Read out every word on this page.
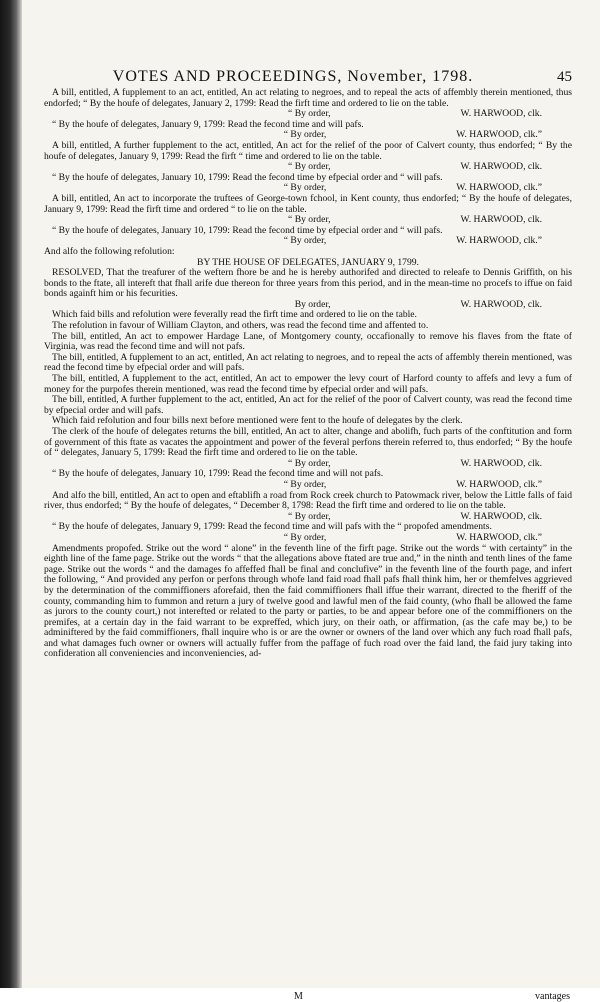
VOTES AND PROCEEDINGS, November, 1798.	45

A bill, entitled, A fupplement to an act, entitled, An act relating to negroes, and to repeal the acts of affembly therein mentioned, thus endorfed; “ By the houfe of delegates, January 2, 1799: Read the firft time and ordered to lie on the table.

“ By order,	W. HARWOOD, clk.

“ By the houfe of delegates, January 9, 1799: Read the fecond time and will pafs.

“ By order,	W. HARWOOD, clk.”

A bill, entitled, A further fupplement to the act, entitled, An act for the relief of the poor of Calvert county, thus endorfed; “ By the houfe of delegates, January 9, 1799: Read the firft “ time and ordered to lie on the table.

“ By order,	W. HARWOOD, clk.

“ By the houfe of delegates, January 10, 1799: Read the fecond time by efpecial order and “ will pafs.

“ By order,	W. HARWOOD, clk.”

A bill, entitled, An act to incorporate the truftees of George-town fchool, in Kent county, thus endorfed; “ By the houfe of delegates, January 9, 1799: Read the firft time and ordered “ to lie on the table.

“ By order,	W. HARWOOD, clk.

“ By the houfe of delegates, January 10, 1799: Read the fecond time by efpecial order and “ will pafs.

“ By order,	W. HARWOOD, clk.”

And alfo the following refolution:

BY THE HOUSE OF DELEGATES, JANUARY 9, 1799.

RESOLVED, That the treafurer of the weftern fhore be and he is hereby authorifed and directed to releafe to Dennis Griffith, on his bonds to the ftate, all intereft that fhall arife due thereon for three years from this period, and in the mean-time no procefs to iffue on faid bonds againft him or his fecurities.

By order,	W. HARWOOD, clk.

Which faid bills and refolution were feverally read the firft time and ordered to lie on the table.

The refolution in favour of William Clayton, and others, was read the fecond time and affented to.

The bill, entitled, An act to empower Hardage Lane, of Montgomery county, occafionally to remove his flaves from the ftate of Virginia, was read the fecond time and will not pafs.

The bill, entitled, A fupplement to an act, entitled, An act relating to negroes, and to repeal the acts of affembly therein mentioned, was read the fecond time by efpecial order and will pafs.

The bill, entitled, A fupplement to the act, entitled, An act to empower the levy court of Harford county to affefs and levy a fum of money for the purpofes therein mentioned, was read the fecond time by efpecial order and will pafs.

The bill, entitled, A further fupplement to the act, entitled, An act for the relief of the poor of Calvert county, was read the fecond time by efpecial order and will pafs.

Which faid refolution and four bills next before mentioned were fent to the houfe of delegates by the clerk.

The clerk of the houfe of delegates returns the bill, entitled, An act to alter, change and abolifh, fuch parts of the conftitution and form of government of this ftate as vacates the appointment and power of the feveral perfons therein referred to, thus endorfed; “ By the houfe of “ delegates, January 5, 1799: Read the firft time and ordered to lie on the table.

“ By order,	W. HARWOOD, clk.

“ By the houfe of delegates, January 10, 1799: Read the fecond time and will not pafs.

“ By order,	W. HARWOOD, clk.”

And alfo the bill, entitled, An act to open and eftablifh a road from Rock creek church to Patowmack river, below the Little falls of faid river, thus endorfed; “ By the houfe of delegates, “ December 8, 1798: Read the firft time and ordered to lie on the table.

“ By order,	W. HARWOOD, clk.

“ By the houfe of delegates, January 9, 1799: Read the fecond time and will pafs with the “ propofed amendments.

“ By order,	W. HARWOOD, clk.”

Amendments propofed. Strike out the word “ alone” in the feventh line of the firft page. Strike out the words “ with certainty” in the eighth line of the fame page. Strike out the words “ that the allegations above ftated are true and,” in the ninth and tenth lines of the fame page. Strike out the words “ and the damages fo affeffed fhall be final and conclufive” in the feventh line of the fourth page, and infert the following, “ And provided any perfon or perfons through whofe land faid road fhall pafs fhall think him, her or themfelves aggrieved by the determination of the commiffioners aforefaid, then the faid commiffioners fhall iffue their warrant, directed to the fheriff of the county, commanding him to fummon and return a jury of twelve good and lawful men of the faid county, (who fhall be allowed the fame as jurors to the county court,) not interefted or related to the party or parties, to be and appear before one of the commiffioners on the premifes, at a certain day in the faid warrant to be expreffed, which jury, on their oath, or affirmation, (as the cafe may be,) to be adminiftered by the faid commiffioners, fhall inquire who is or are the owner or owners of the land over which any fuch road fhall pafs, and what damages fuch owner or owners will actually fuffer from the paffage of fuch road over the faid land, the faid jury taking into confideration all conveniencies and inconveniencies, ad-

M	vantages
